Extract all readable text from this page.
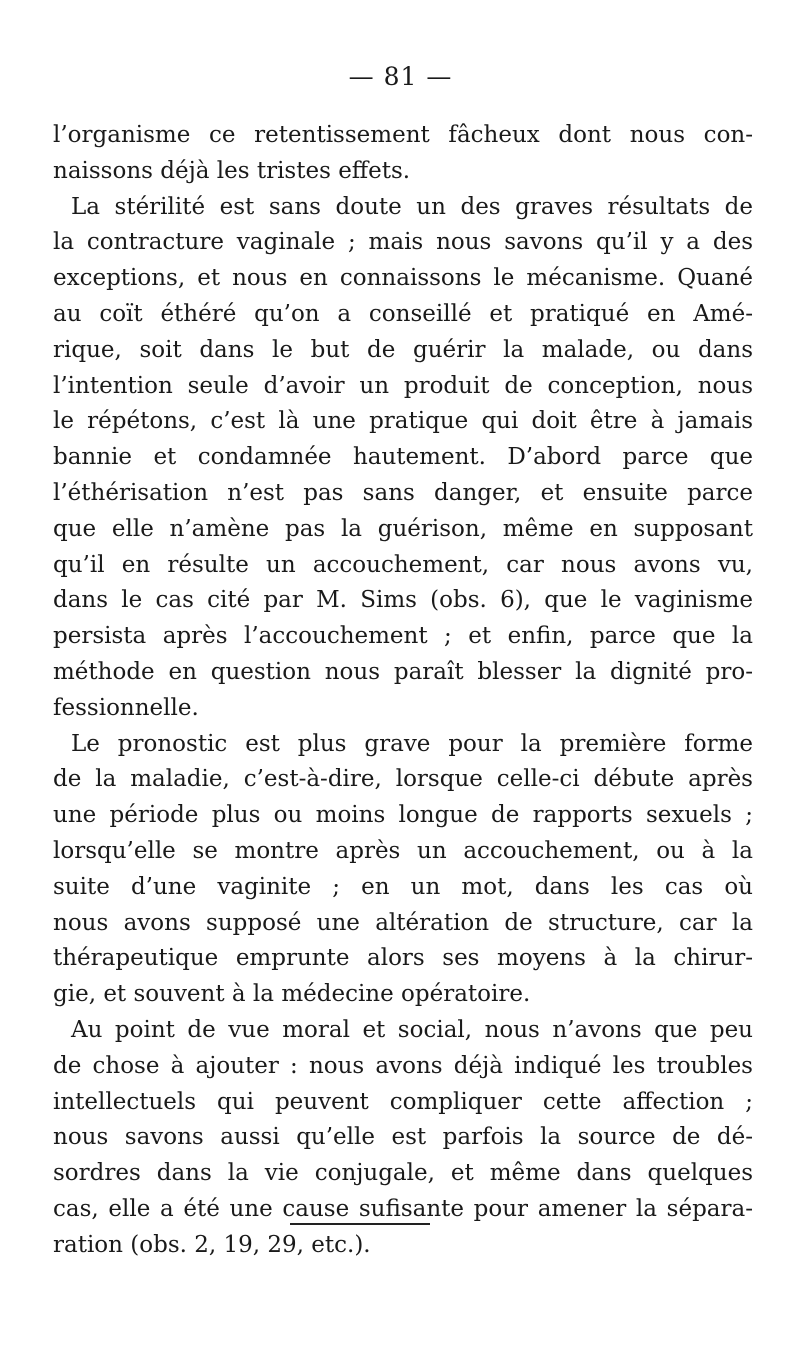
— 81 —
l’organisme ce retentissement fâcheux dont nous con-
naissons déjà les tristes effets.
La stérilité est sans doute un des graves résultats de
la contracture vaginale ; mais nous savons qu’il y a des
exceptions, et nous en connaissons le mécanisme. Quané
au coït éthéré qu’on a conseillé et pratiqué en Amé-
rique, soit dans le but de guérir la malade, ou dans
l’intention seule d’avoir un produit de conception, nous
le répétons, c’est là une pratique qui doit être à jamais
bannie et condamnée hautement. D’abord parce que
l’éthérisation n’est pas sans danger, et ensuite parce
que elle n’amène pas la guérison, même en supposant
qu’il en résulte un accouchement, car nous avons vu,
dans le cas cité par M. Sims (obs. 6), que le vaginisme
persista après l’accouchement ; et enfin, parce que la
méthode en question nous paraît blesser la dignité pro-
fessionnelle.
Le pronostic est plus grave pour la première forme
de la maladie, c’est-à-dire, lorsque celle-ci débute après
une période plus ou moins longue de rapports sexuels ;
lorsqu’elle se montre après un accouchement, ou à la
suite d’une vaginite ; en un mot, dans les cas où
nous avons supposé une altération de structure, car la
thérapeutique emprunte alors ses moyens à la chirur-
gie, et souvent à la médecine opératoire.
Au point de vue moral et social, nous n’avons que peu
de chose à ajouter : nous avons déjà indiqué les troubles
intellectuels qui peuvent compliquer cette affection ;
nous savons aussi qu’elle est parfois la source de dé-
sordres dans la vie conjugale, et même dans quelques
cas, elle a été une cause sufisante pour amener la sépara-
ration (obs. 2, 19, 29, etc.).
